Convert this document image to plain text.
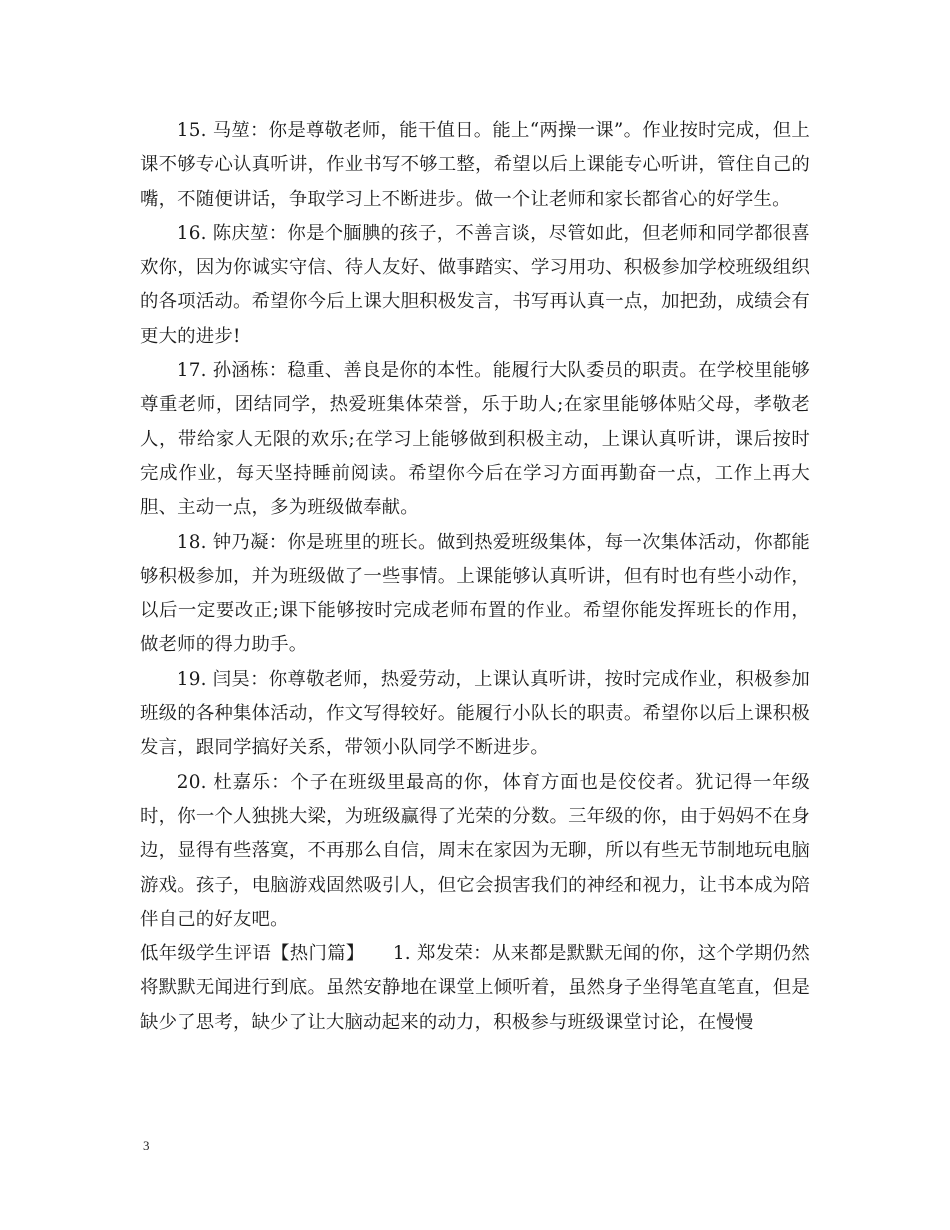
15. 马堃：你是尊敬老师，能干值日。能上“两操一课”。作业按时完成，但上课不够专心认真听讲，作业书写不够工整，希望以后上课能专心听讲，管住自己的嘴，不随便讲话，争取学习上不断进步。做一个让老师和家长都省心的好学生。

16. 陈庆堃：你是个腼腆的孩子，不善言谈，尽管如此，但老师和同学都很喜欢你，因为你诚实守信、待人友好、做事踏实、学习用功、积极参加学校班级组织的各项活动。希望你今后上课大胆积极发言，书写再认真一点，加把劲，成绩会有更大的进步!

17. 孙涵栋：稳重、善良是你的本性。能履行大队委员的职责。在学校里能够尊重老师，团结同学，热爱班集体荣誉，乐于助人;在家里能够体贴父母，孝敬老人，带给家人无限的欢乐;在学习上能够做到积极主动，上课认真听讲，课后按时完成作业，每天坚持睡前阅读。希望你今后在学习方面再勤奋一点，工作上再大胆、主动一点，多为班级做奉献。

18. 钟乃凝：你是班里的班长。做到热爱班级集体，每一次集体活动，你都能够积极参加，并为班级做了一些事情。上课能够认真听讲，但有时也有些小动作，以后一定要改正;课下能够按时完成老师布置的作业。希望你能发挥班长的作用，做老师的得力助手。

19. 闫昊：你尊敬老师，热爱劳动，上课认真听讲，按时完成作业，积极参加班级的各种集体活动，作文写得较好。能履行小队长的职责。希望你以后上课积极发言，跟同学搞好关系，带领小队同学不断进步。

20. 杜嘉乐：个子在班级里最高的你，体育方面也是佼佼者。犹记得一年级时，你一个人独挑大梁，为班级赢得了光荣的分数。三年级的你，由于妈妈不在身边，显得有些落寞，不再那么自信，周末在家因为无聊，所以有些无节制地玩电脑游戏。孩子，电脑游戏固然吸引人，但它会损害我们的神经和视力，让书本成为陪伴自己的好友吧。

低年级学生评语【热门篇】　　1. 郑发荣：从来都是默默无闻的你，这个学期仍然将默默无闻进行到底。虽然安静地在课堂上倾听着，虽然身子坐得笔直笔直，但是缺少了思考，缺少了让大脑动起来的动力，积极参与班级课堂讨论，在慢慢

3
